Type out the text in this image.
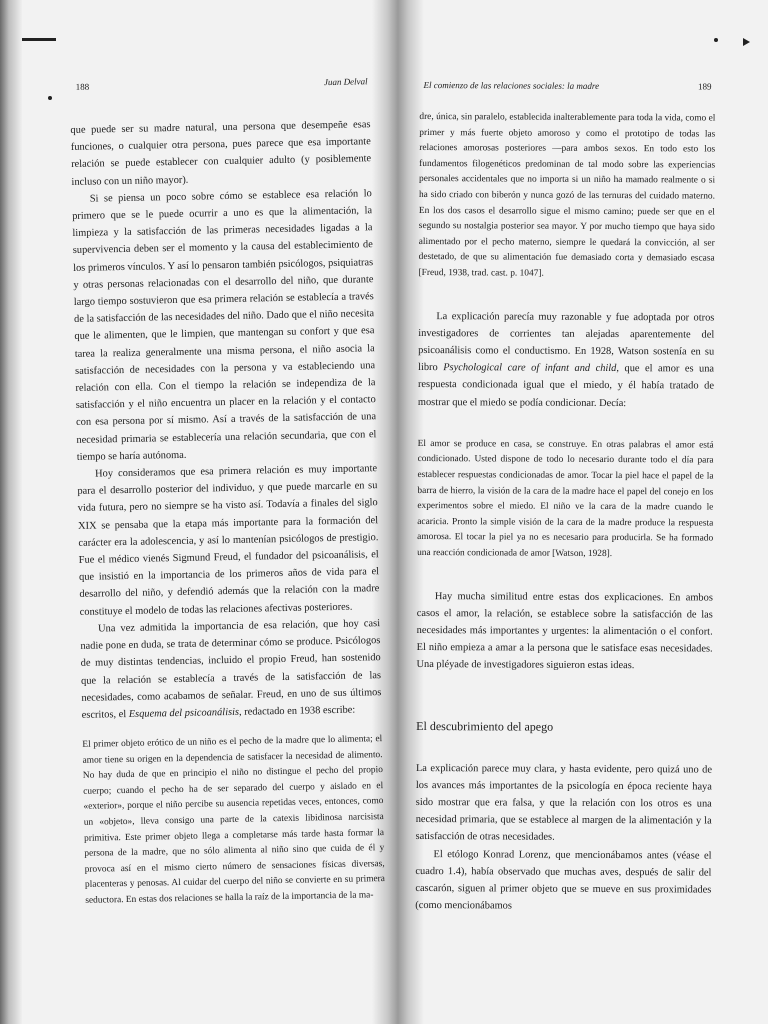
188	Juan Delval

que puede ser su madre natural, una persona que desempeñe esas funciones, o cualquier otra persona, pues parece que esa importante relación se puede establecer con cualquier adulto (y posiblemente incluso con un niño mayor).

Si se piensa un poco sobre cómo se establece esa relación lo primero que se le puede ocurrir a uno es que la alimentación, la limpieza y la satisfacción de las primeras necesidades ligadas a la supervivencia deben ser el momento y la causa del establecimiento de los primeros vínculos. Y así lo pensaron también psicólogos, psiquiatras y otras personas relacionadas con el desarrollo del niño, que durante largo tiempo sostuvieron que esa primera relación se establecía a través de la satisfacción de las necesidades del niño. Dado que el niño necesita que le alimenten, que le limpien, que mantengan su confort y que esa tarea la realiza generalmente una misma persona, el niño asocia la satisfacción de necesidades con la persona y va estableciendo una relación con ella. Con el tiempo la relación se independiza de la satisfacción y el niño encuentra un placer en la relación y el contacto con esa persona por sí mismo. Así a través de la satisfacción de una necesidad primaria se establecería una relación secundaria, que con el tiempo se haría autónoma.

Hoy consideramos que esa primera relación es muy importante para el desarrollo posterior del individuo, y que puede marcarle en su vida futura, pero no siempre se ha visto así. Todavía a finales del siglo XIX se pensaba que la etapa más importante para la formación del carácter era la adolescencia, y así lo mantenían psicólogos de prestigio. Fue el médico vienés Sigmund Freud, el fundador del psicoanálisis, el que insistió en la importancia de los primeros años de vida para el desarrollo del niño, y defendió además que la relación con la madre constituye el modelo de todas las relaciones afectivas posteriores.

Una vez admitida la importancia de esa relación, que hoy casi nadie pone en duda, se trata de determinar cómo se produce. Psicólogos de muy distintas tendencias, incluido el propio Freud, han sostenido que la relación se establecía a través de la satisfacción de las necesidades, como acabamos de señalar. Freud, en uno de sus últimos escritos, el Esquema del psicoanálisis, redactado en 1938 escribe:

El primer objeto erótico de un niño es el pecho de la madre que lo alimenta; el amor tiene su origen en la dependencia de satisfacer la necesidad de alimento. No hay duda de que en principio el niño no distingue el pecho del propio cuerpo; cuando el pecho ha de ser separado del cuerpo y aislado en el «exterior», porque el niño percibe su ausencia repetidas veces, entonces, como un «objeto», lleva consigo una parte de la catexis libidinosa narcisista primitiva. Este primer objeto llega a completarse más tarde hasta formar la persona de la madre, que no sólo alimenta al niño sino que cuida de él y provoca así en el mismo cierto número de sensaciones físicas diversas, placenteras y penosas. Al cuidar del cuerpo del niño se convierte en su primera seductora. En estas dos relaciones se halla la raíz de la importancia de la ma-

El comienzo de las relaciones sociales: la madre	189

dre, única, sin paralelo, establecida inalterablemente para toda la vida, como el primer y más fuerte objeto amoroso y como el prototipo de todas las relaciones amorosas posteriores —para ambos sexos. En todo esto los fundamentos filogenéticos predominan de tal modo sobre las experiencias personales accidentales que no importa si un niño ha mamado realmente o si ha sido criado con biberón y nunca gozó de las ternuras del cuidado materno. En los dos casos el desarrollo sigue el mismo camino; puede ser que en el segundo su nostalgia posterior sea mayor. Y por mucho tiempo que haya sido alimentado por el pecho materno, siempre le quedará la convicción, al ser destetado, de que su alimentación fue demasiado corta y demasiado escasa [Freud, 1938, trad. cast. p. 1047].

La explicación parecía muy razonable y fue adoptada por otros investigadores de corrientes tan alejadas aparentemente del psicoanálisis como el conductismo. En 1928, Watson sostenía en su libro Psychological care of infant and child, que el amor es una respuesta condicionada igual que el miedo, y él había tratado de mostrar que el miedo se podía condicionar. Decía:

El amor se produce en casa, se construye. En otras palabras el amor está condicionado. Usted dispone de todo lo necesario durante todo el día para establecer respuestas condicionadas de amor. Tocar la piel hace el papel de la barra de hierro, la visión de la cara de la madre hace el papel del conejo en los experimentos sobre el miedo. El niño ve la cara de la madre cuando le acaricia. Pronto la simple visión de la cara de la madre produce la respuesta amorosa. El tocar la piel ya no es necesario para producirla. Se ha formado una reacción condicionada de amor [Watson, 1928].

Hay mucha similitud entre estas dos explicaciones. En ambos casos el amor, la relación, se establece sobre la satisfacción de las necesidades más importantes y urgentes: la alimentación o el confort. El niño empieza a amar a la persona que le satisface esas necesidades. Una pléyade de investigadores siguieron estas ideas.

El descubrimiento del apego

La explicación parece muy clara, y hasta evidente, pero quizá uno de los avances más importantes de la psicología en época reciente haya sido mostrar que era falsa, y que la relación con los otros es una necesidad primaria, que se establece al margen de la alimentación y la satisfacción de otras necesidades.

El etólogo Konrad Lorenz, que mencionábamos antes (véase el cuadro 1.4), había observado que muchas aves, después de salir del cascarón, siguen al primer objeto que se mueve en sus proximidades (como mencionábamos
